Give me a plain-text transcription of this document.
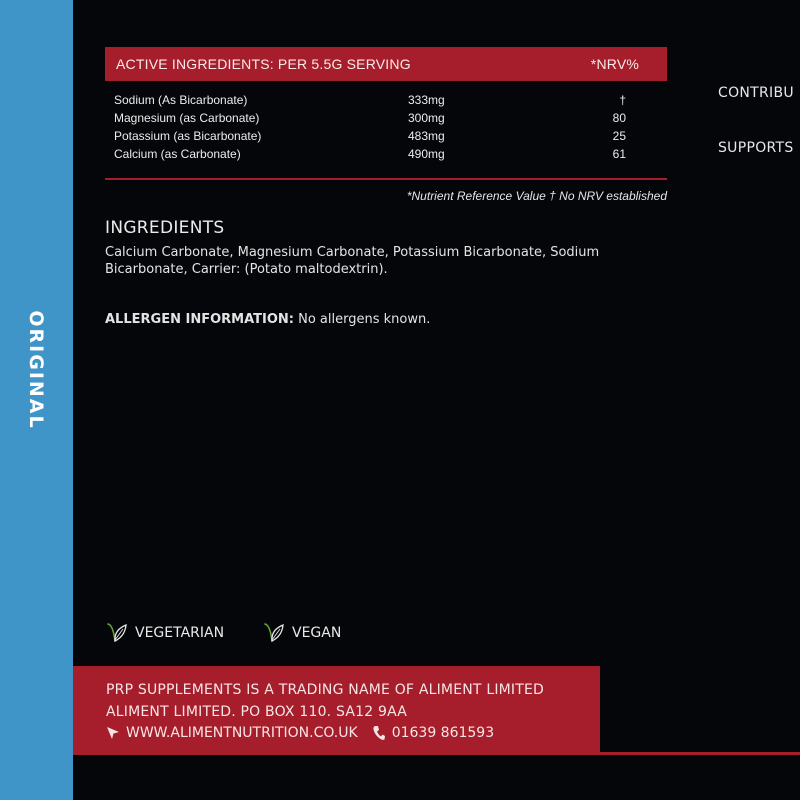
ORIGINAL
ACTIVE INGREDIENTS: PER 5.5G SERVING	*NRV%
Sodium (As Bicarbonate)	333mg	†
Magnesium (as Carbonate)	300mg	80
Potassium (as Bicarbonate)	483mg	25
Calcium (as Carbonate)	490mg	61
*Nutrient Reference Value † No NRV established
INGREDIENTS
Calcium Carbonate, Magnesium Carbonate, Potassium Bicarbonate, Sodium Bicarbonate, Carrier: (Potato maltodextrin).
ALLERGEN INFORMATION: No allergens known.
VEGETARIAN	VEGAN
PRP SUPPLEMENTS IS A TRADING NAME OF ALIMENT LIMITED
ALIMENT LIMITED. PO BOX 110. SA12 9AA
WWW.ALIMENTNUTRITION.CO.UK 01639 861593
CONTRIBU
SUPPORTS
